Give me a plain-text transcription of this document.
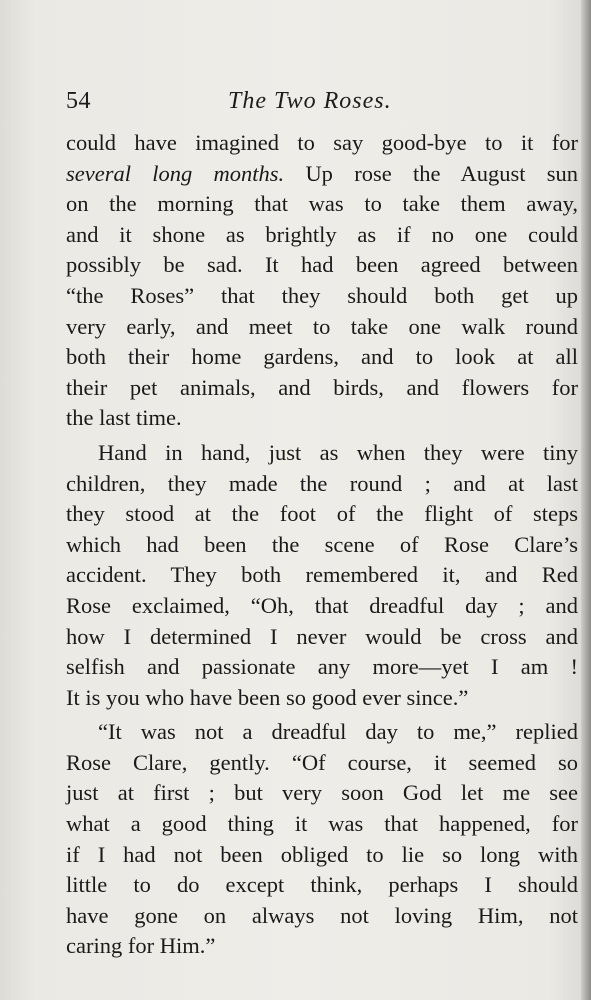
54	The Two Roses.
could have imagined to say good-bye to it for
several long months. Up rose the August sun
on the morning that was to take them away,
and it shone as brightly as if no one could
possibly be sad. It had been agreed between
“the Roses” that they should both get up
very early, and meet to take one walk round
both their home gardens, and to look at all
their pet animals, and birds, and flowers for
the last time.
Hand in hand, just as when they were tiny
children, they made the round ; and at last
they stood at the foot of the flight of steps
which had been the scene of Rose Clare’s
accident. They both remembered it, and Red
Rose exclaimed, “Oh, that dreadful day ; and
how I determined I never would be cross and
selfish and passionate any more—yet I am !
It is you who have been so good ever since.”
“It was not a dreadful day to me,” replied
Rose Clare, gently. “Of course, it seemed so
just at first ; but very soon God let me see
what a good thing it was that happened, for
if I had not been obliged to lie so long with
little to do except think, perhaps I should
have gone on always not loving Him, not
caring for Him.”
